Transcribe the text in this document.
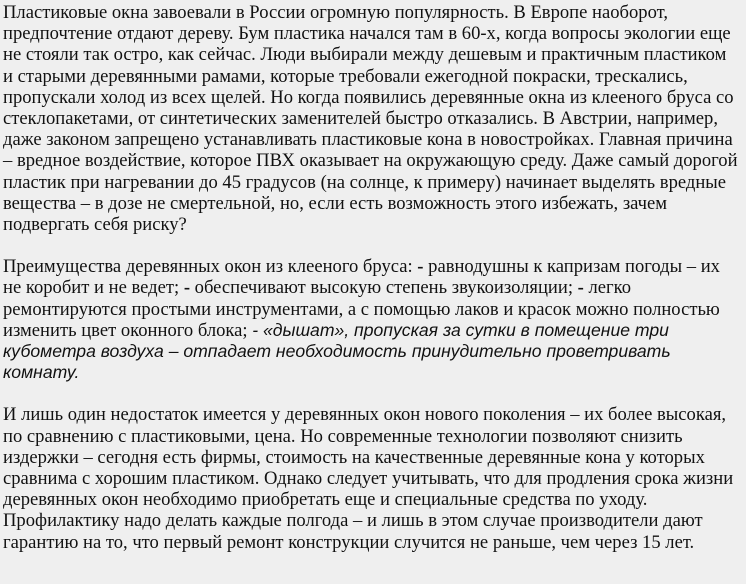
Пластиковые окна завоевали в России огромную популярность. В Европе наоборот, предпочтение отдают дереву. Бум пластика начался там в 60-х, когда вопросы экологии еще не стояли так остро, как сейчас. Люди выбирали между дешевым и практичным пластиком и старыми деревянными рамами, которые требовали ежегодной покраски, трескались, пропускали холод из всех щелей. Но когда появились деревянные окна из клееного бруса со стеклопакетами, от синтетических заменителей быстро отказались. В Австрии, например, даже законом запрещено устанавливать пластиковые кона в новостройках. Главная причина – вредное воздействие, которое ПВХ оказывает на окружающую среду. Даже самый дорогой пластик при нагревании до 45 градусов (на солнце, к примеру) начинает выделять вредные вещества – в дозе не смертельной, но, если есть возможность этого избежать, зачем подвергать себя риску?

Преимущества деревянных окон из клееного бруса: - равнодушны к капризам погоды – их не коробит и не ведет; - обеспечивают высокую степень звукоизоляции; - легко ремонтируются простыми инструментами, а с помощью лаков и красок можно полностью изменить цвет оконного блока; - «дышат», пропуская за сутки в помещение три кубометра воздуха – отпадает необходимость принудительно проветривать комнату.

И лишь один недостаток имеется у деревянных окон нового поколения – их более высокая, по сравнению с пластиковыми, цена. Но современные технологии позволяют снизить издержки – сегодня есть фирмы, стоимость на качественные деревянные кона у которых сравнима с хорошим пластиком. Однако следует учитывать, что для продления срока жизни деревянных окон необходимо приобретать еще и специальные средства по уходу. Профилактику надо делать каждые полгода – и лишь в этом случае производители дают гарантию на то, что первый ремонт конструкции случится не раньше, чем через 15 лет.
